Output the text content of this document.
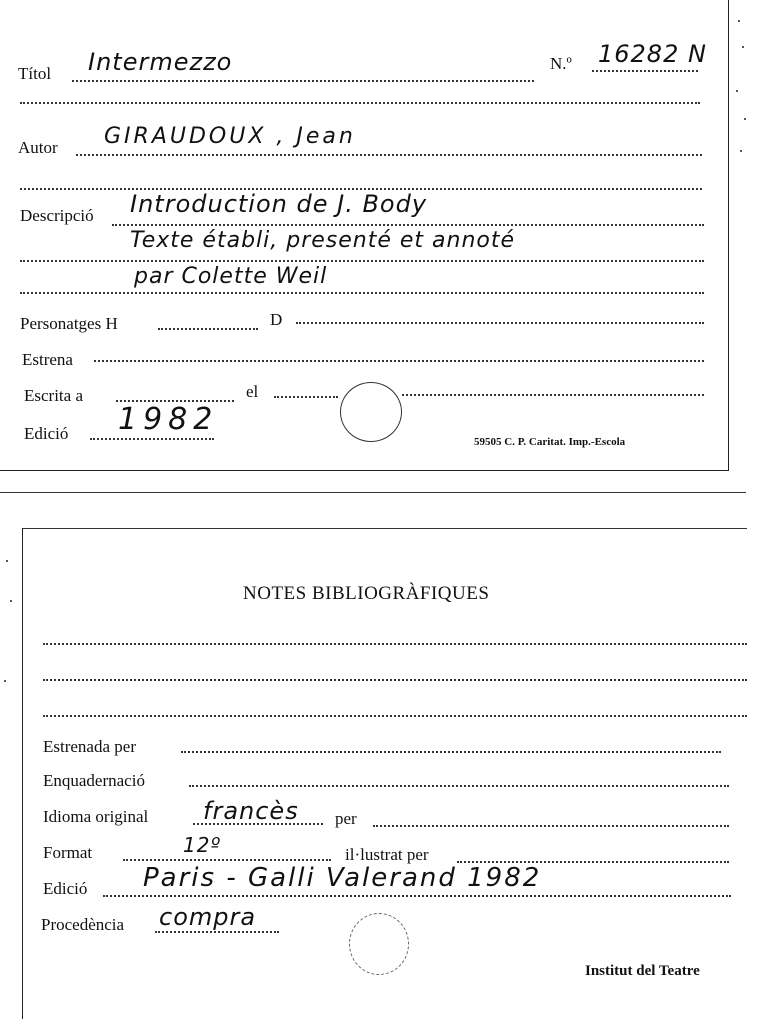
Títol Intermezzo	N.º 16282 N
Autor GIRAUDOUX , Jean
Descripció Introduction de J. Body
Texte établi, presenté et annoté
par Colette Weil
Personatges H	D
Estrena
Escrita a	el
Edició 1982
59505 C. P. Caritat. Imp.-Escola
NOTES BIBLIOGRÀFIQUES
Estrenada per
Enquadernació
Idioma original francès per
Format	12º	il·lustrat per
Edició Paris - Galli Valerand 1982
Procedència compra
Institut del Teatre
